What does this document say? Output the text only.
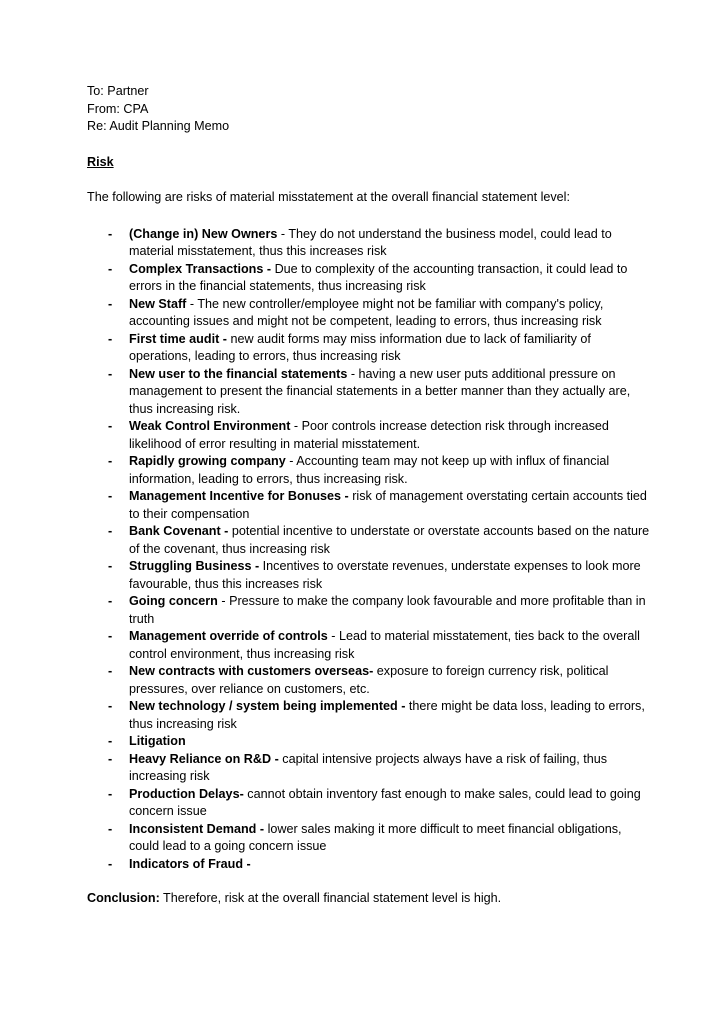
To: Partner

From: CPA

Re: Audit Planning Memo

Risk

The following are risks of material misstatement at the overall financial statement level:

- (Change in) New Owners - They do not understand the business model, could lead to material misstatement, thus this increases risk
- Complex Transactions - Due to complexity of the accounting transaction, it could lead to errors in the financial statements, thus increasing risk
- New Staff - The new controller/employee might not be familiar with company's policy, accounting issues and might not be competent, leading to errors, thus increasing risk
- First time audit - new audit forms may miss information due to lack of familiarity of operations, leading to errors, thus increasing risk
- New user to the financial statements - having a new user puts additional pressure on management to present the financial statements in a better manner than they actually are, thus increasing risk.
- Weak Control Environment - Poor controls increase detection risk through increased likelihood of error resulting in material misstatement.
- Rapidly growing company - Accounting team may not keep up with influx of financial information, leading to errors, thus increasing risk.
- Management Incentive for Bonuses - risk of management overstating certain accounts tied to their compensation
- Bank Covenant - potential incentive to understate or overstate accounts based on the nature of the covenant, thus increasing risk
- Struggling Business - Incentives to overstate revenues, understate expenses to look more favourable, thus this increases risk
- Going concern - Pressure to make the company look favourable and more profitable than in truth
- Management override of controls - Lead to material misstatement, ties back to the overall control environment, thus increasing risk
- New contracts with customers overseas- exposure to foreign currency risk, political pressures, over reliance on customers, etc.
- New technology / system being implemented - there might be data loss, leading to errors, thus increasing risk
- Litigation
- Heavy Reliance on R&D - capital intensive projects always have a risk of failing, thus increasing risk
- Production Delays- cannot obtain inventory fast enough to make sales, could lead to going concern issue
- Inconsistent Demand - lower sales making it more difficult to meet financial obligations, could lead to a going concern issue
- Indicators of Fraud -

Conclusion: Therefore, risk at the overall financial statement level is high.
